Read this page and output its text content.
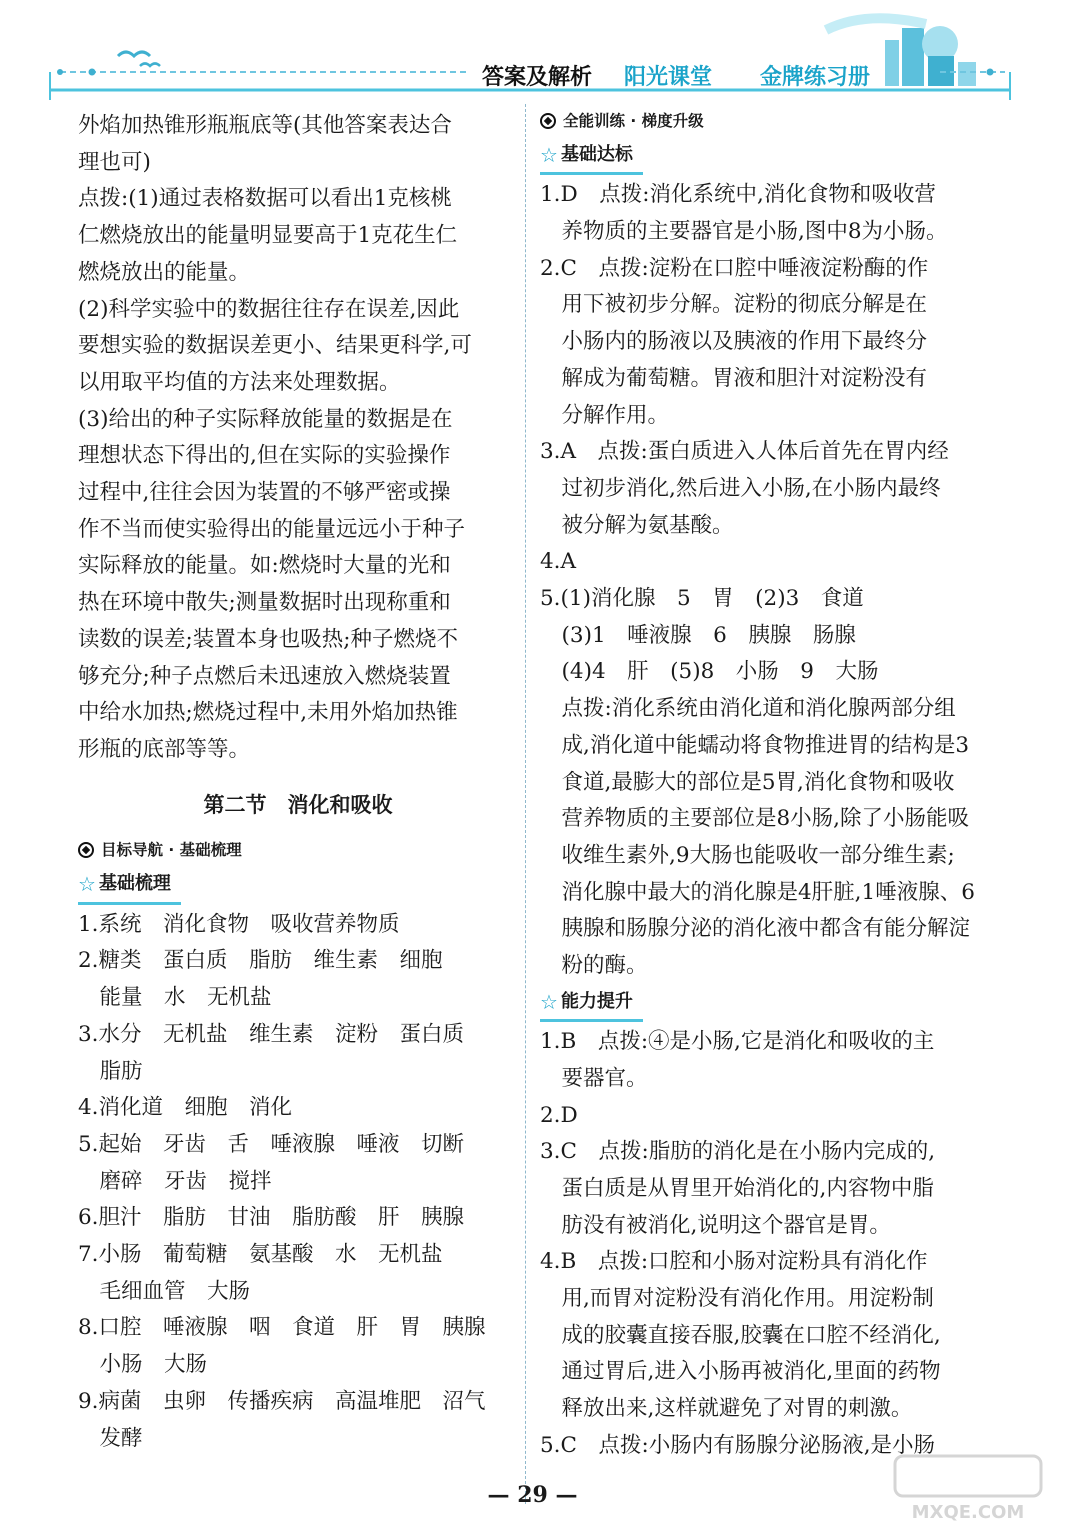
答案及解析 阳光课堂 金牌练习册

外焰加热锥形瓶瓶底等(其他答案表达合

理也可)

点拨:(1)通过表格数据可以看出1克核桃

仁燃烧放出的能量明显要高于1克花生仁

燃烧放出的能量。

(2)科学实验中的数据往往存在误差,因此

要想实验的数据误差更小、结果更科学,可

以用取平均值的方法来处理数据。

(3)给出的种子实际释放能量的数据是在

理想状态下得出的,但在实际的实验操作

过程中,往往会因为装置的不够严密或操

作不当而使实验得出的能量远远小于种子

实际释放的能量。如:燃烧时大量的光和

热在环境中散失;测量数据时出现称重和

读数的误差;装置本身也吸热;种子燃烧不

够充分;种子点燃后未迅速放入燃烧装置

中给水加热;燃烧过程中,未用外焰加热锥

形瓶的底部等等。

第二节　消化和吸收
目标导航 · 基础梳理
☆ 基础梳理

1.系统　消化食物　吸收营养物质

2.糖类　蛋白质　脂肪　维生素　细胞

　能量　水　无机盐

3.水分　无机盐　维生素　淀粉　蛋白质

　脂肪

4.消化道　细胞　消化

5.起始　牙齿　舌　唾液腺　唾液　切断

　磨碎　牙齿　搅拌

6.胆汁　脂肪　甘油　脂肪酸　肝　胰腺

7.小肠　葡萄糖　氨基酸　水　无机盐

　毛细血管　大肠

8.口腔　唾液腺　咽　食道　肝　胃　胰腺

　小肠　大肠

9.病菌　虫卵　传播疾病　高温堆肥　沼气

　发酵

全能训练 · 梯度升级
☆ 基础达标

1.D　点拨:消化系统中,消化食物和吸收营

　养物质的主要器官是小肠,图中8为小肠。

2.C　点拨:淀粉在口腔中唾液淀粉酶的作

　用下被初步分解。淀粉的彻底分解是在

　小肠内的肠液以及胰液的作用下最终分

　解成为葡萄糖。胃液和胆汁对淀粉没有

　分解作用。

3.A　点拨:蛋白质进入人体后首先在胃内经

　过初步消化,然后进入小肠,在小肠内最终

　被分解为氨基酸。

4.A

5.(1)消化腺　5　胃　(2)3　食道

　(3)1　唾液腺　6　胰腺　肠腺

　(4)4　肝　(5)8　小肠　9　大肠

　点拨:消化系统由消化道和消化腺两部分组

　成,消化道中能蠕动将食物推进胃的结构是3

　食道,最膨大的部位是5胃,消化食物和吸收

　营养物质的主要部位是8小肠,除了小肠能吸

　收维生素外,9大肠也能吸收一部分维生素;

　消化腺中最大的消化腺是4肝脏,1唾液腺、6

　胰腺和肠腺分泌的消化液中都含有能分解淀

　粉的酶。

☆ 能力提升

1.B　点拨:④是小肠,它是消化和吸收的主

　要器官。

2.D

3.C　点拨:脂肪的消化是在小肠内完成的,

　蛋白质是从胃里开始消化的,内容物中脂

　肪没有被消化,说明这个器官是胃。

4.B　点拨:口腔和小肠对淀粉具有消化作

　用,而胃对淀粉没有消化作用。用淀粉制

　成的胶囊直接吞服,胶囊在口腔不经消化,

　通过胃后,进入小肠再被消化,里面的药物

　释放出来,这样就避免了对胃的刺激。

5.C　点拨:小肠内有肠腺分泌肠液,是小肠

— 29 —
MXQE.COM
